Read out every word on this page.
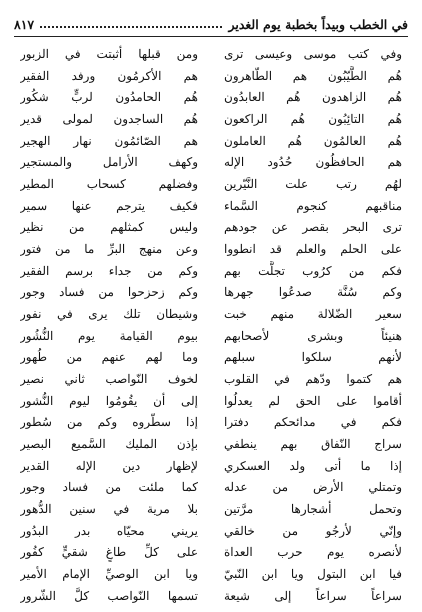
في الخطب وبيداً بخطبة يوم الغدير
٨١٧
وفي كتب موسى وعيسى ترى
ومن قبلها أثبتت في الزبور
هُم الطَّيّبُون هم الطّاهرون
هم الأكرمُون ورفد الفقير
هُم الزاهدون هُم العابدُون
هُم الحامدُون لربٍّ شكُور
هُم التائِبُون هُم الراكعون
هُم الساجدون لمولى قدير
هُم العالمُون هُم العاملون
هم الصّائمُون نهار الهجير
هم الحافظُون حُدُود الإله
وكهف الأرامل والمستجير
لهُم رتب علت النَّيّرين
وفضلهم كسحاب المطير
مناقبهم كنجوم السَّماء
فكيف يترجم عنها سمير
ترى البحر بقصر عن جودهم
وليس كمثلهم من نظير
على الحلم والعلم قد انطووا
وعن منهج البرِّ ما من فتور
فكم من كرُوب تجلَّت بهم
وكم من جداء برسم الفقير
وكم سُنَّة صدعُوا جهرها
وكم زحزحوا من فساد وجور
سعير الضّلالة منهم خبت
وشيطان تلك يرى في نفور
هنيئاً وبشرى لأصحابهم
بيوم القيامة يوم النُّشُور
لأنهم سلكوا سبلهم
وما لهم عنهم من طُهور
هم كتموا ودّهم في القلوب
لخوف النّواصب ثاني نصير
أقاموا على الحق لم يعدلُوا
إلى أن يقُومُوا ليوم النُّشور
فكم في مدائحكم دفترا
إذا سطّروه وكم من سُطور
سراج النّفاق بهم ينطفي
بإذن المليك السَّميع البصير
إذا ما أتى ولد العسكري
لإظهار دين الإله القدير
وتمتلي الأرض من عدله
كما ملئت من فساد وجور
وتحمل أشجارها مرَّتين
بلا مرية في سنين الدُّهور
وإنّي لأرجُو من خالقي
يريني محيّاه بدر البدُور
لأنصره يوم حرب العداة
على كلِّ طاغٍ شقيٍّ كفُور
فيا ابن البتول ويا ابن النّبيّ
ويا ابن الوصيِّ الإمام الأمير
سراعاً سراعاً إلى شيعة
تسمها النّواصب كلَّ الشّرور
